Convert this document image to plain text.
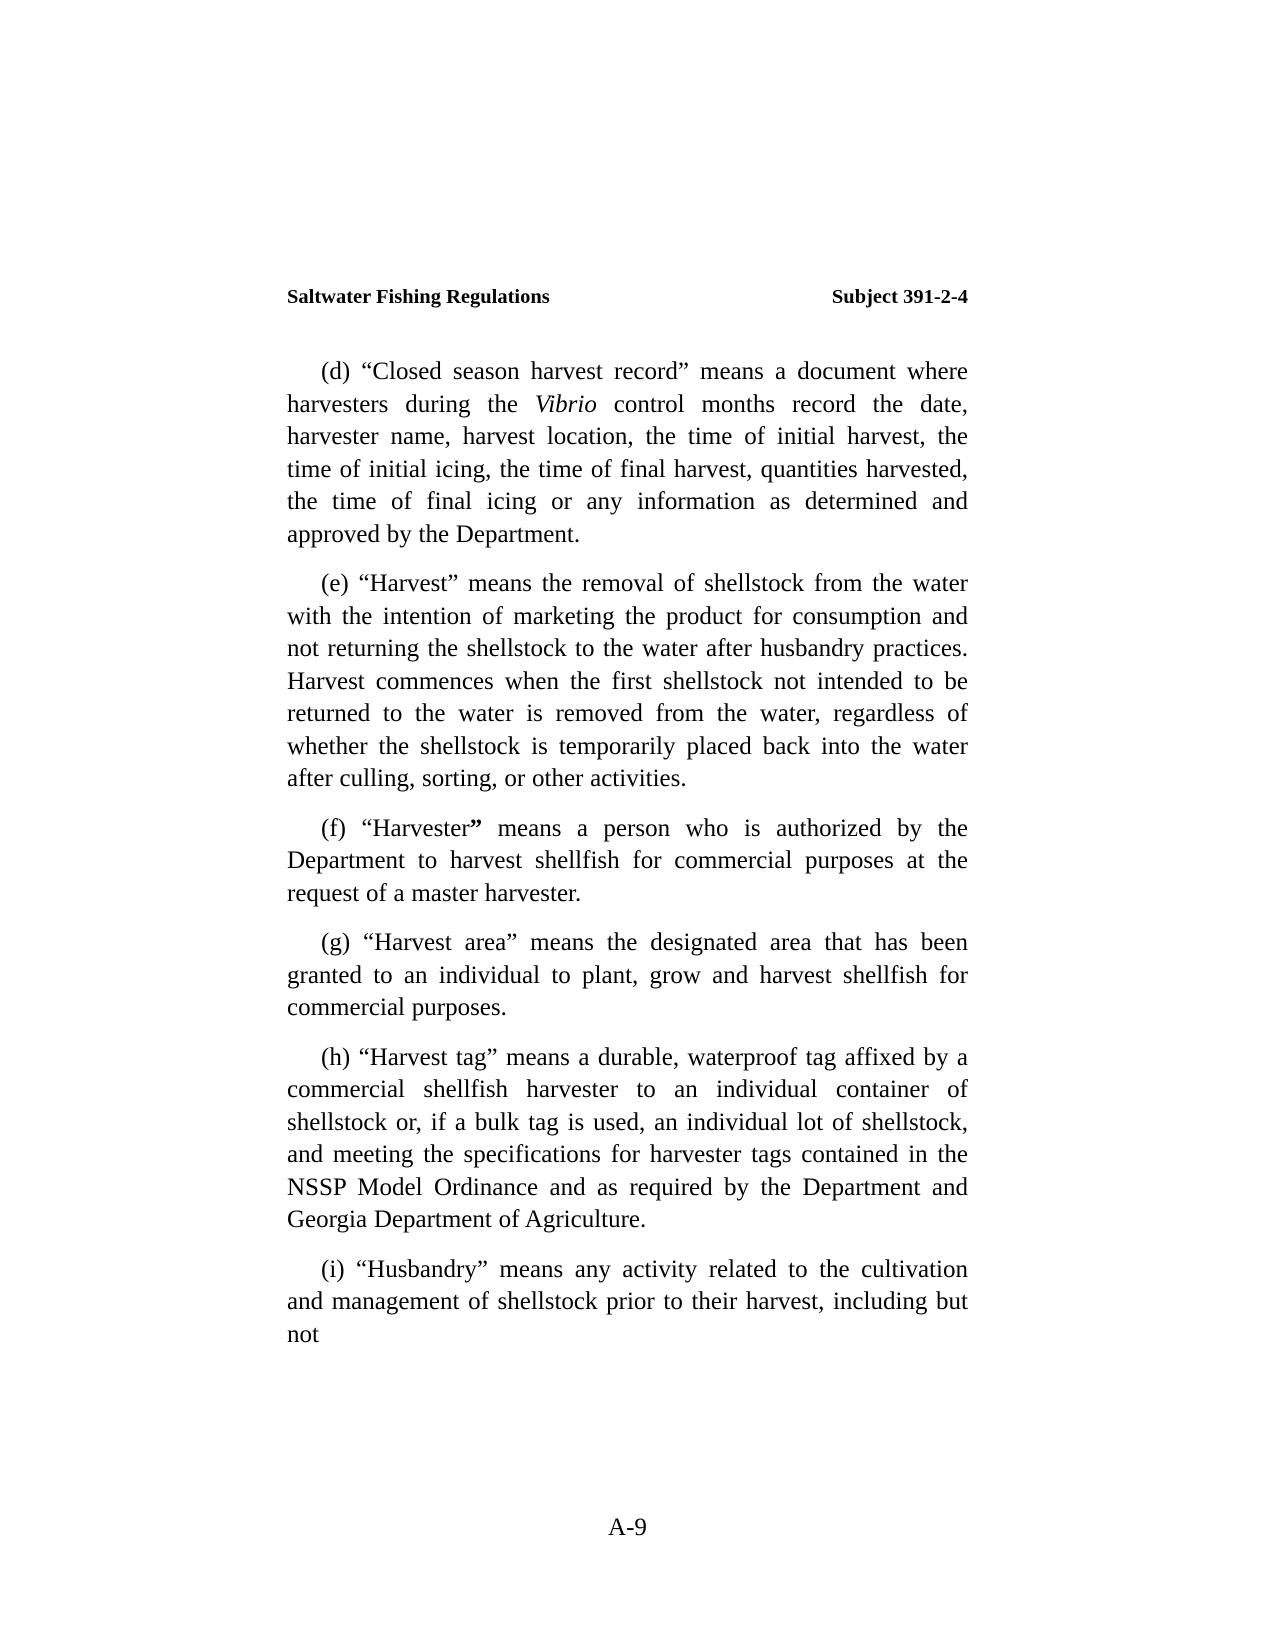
Saltwater Fishing Regulations	Subject 391-2-4

(d) “Closed season harvest record” means a document where harvesters during the Vibrio control months record the date, harvester name, harvest location, the time of initial harvest, the time of initial icing, the time of final harvest, quantities harvested, the time of final icing or any information as determined and approved by the Department.

(e) “Harvest” means the removal of shellstock from the water with the intention of marketing the product for consumption and not returning the shellstock to the water after husbandry practices. Harvest commences when the first shellstock not intended to be returned to the water is removed from the water, regardless of whether the shellstock is temporarily placed back into the water after culling, sorting, or other activities.

(f) “Harvester” means a person who is authorized by the Department to harvest shellfish for commercial purposes at the request of a master harvester.

(g) “Harvest area” means the designated area that has been granted to an individual to plant, grow and harvest shellfish for commercial purposes.

(h) “Harvest tag” means a durable, waterproof tag affixed by a commercial shellfish harvester to an individual container of shellstock or, if a bulk tag is used, an individual lot of shellstock, and meeting the specifications for harvester tags contained in the NSSP Model Ordinance and as required by the Department and Georgia Department of Agriculture.

(i) “Husbandry” means any activity related to the cultivation and management of shellstock prior to their harvest, including but not

A-9
